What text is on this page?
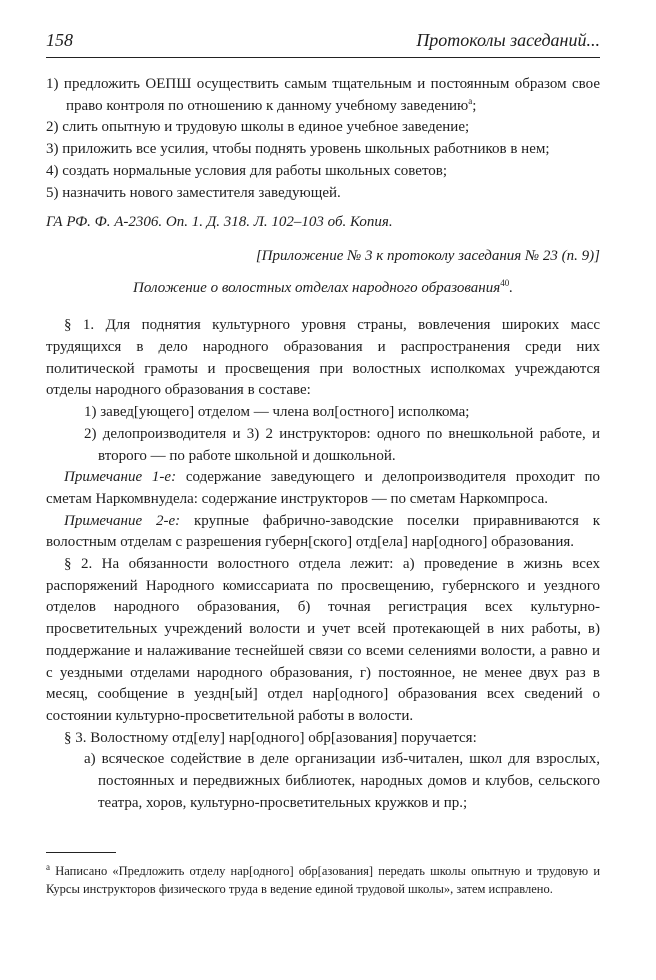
158	Протоколы заседаний...

1) предложить ОЕПШ осуществить самым тщательным и постоянным образом свое право контроля по отношению к данному учебному заведению$^а$;

2) слить опытную и трудовую школы в единое учебное заведение;

3) приложить все усилия, чтобы поднять уровень школьных работников в нем;

4) создать нормальные условия для работы школьных советов;

5) назначить нового заместителя заведующей.

ГА РФ. Ф. А-2306. Оп. 1. Д. 318. Л. 102–103 об. Копия.

[Приложение № 3 к протоколу заседания № 23 (п. 9)]

Положение о волостных отделах народного образования$^{40}$.

§ 1. Для поднятия культурного уровня страны, вовлечения широких масс трудящихся в дело народного образования и распространения среди них политической грамоты и просвещения при волостных исполкомах учреждаются отделы народного образования в составе:

1) завед[ующего] отделом — члена вол[остного] исполкома;

2) делопроизводителя и 3) 2 инструкторов: одного по внешкольной работе, и второго — по работе школьной и дошкольной.

Примечание 1-е: содержание заведующего и делопроизводителя проходит по сметам Наркомвнудела: содержание инструкторов — по сметам Наркомпроса.

Примечание 2-е: крупные фабрично-заводские поселки приравниваются к волостным отделам с разрешения губерн[ского] отд[ела] нар[одного] образования.

§ 2. На обязанности волостного отдела лежит: а) проведение в жизнь всех распоряжений Народного комиссариата по просвещению, губернского и уездного отделов народного образования, б) точная регистрация всех культурно-просветительных учреждений волости и учет всей протекающей в них работы, в) поддержание и налаживание теснейшей связи со всеми селениями волости, а равно и с уездными отделами народного образования, г) постоянное, не менее двух раз в месяц, сообщение в уездн[ый] отдел нар[одного] образования всех сведений о состоянии культурно-просветительной работы в волости.

§ 3. Волостному отд[елу] нар[одного] обр[азования] поручается:

а) всяческое содействие в деле организации изб-читален, школ для взрослых, постоянных и передвижных библиотек, народных домов и клубов, сельского театра, хоров, культурно-просветительных кружков и пр.;

$^а$ Написано «Предложить отделу нар[одного] обр[азования] передать школы опытную и трудовую и Курсы инструкторов физического труда в ведение единой трудовой школы», затем исправлено.
